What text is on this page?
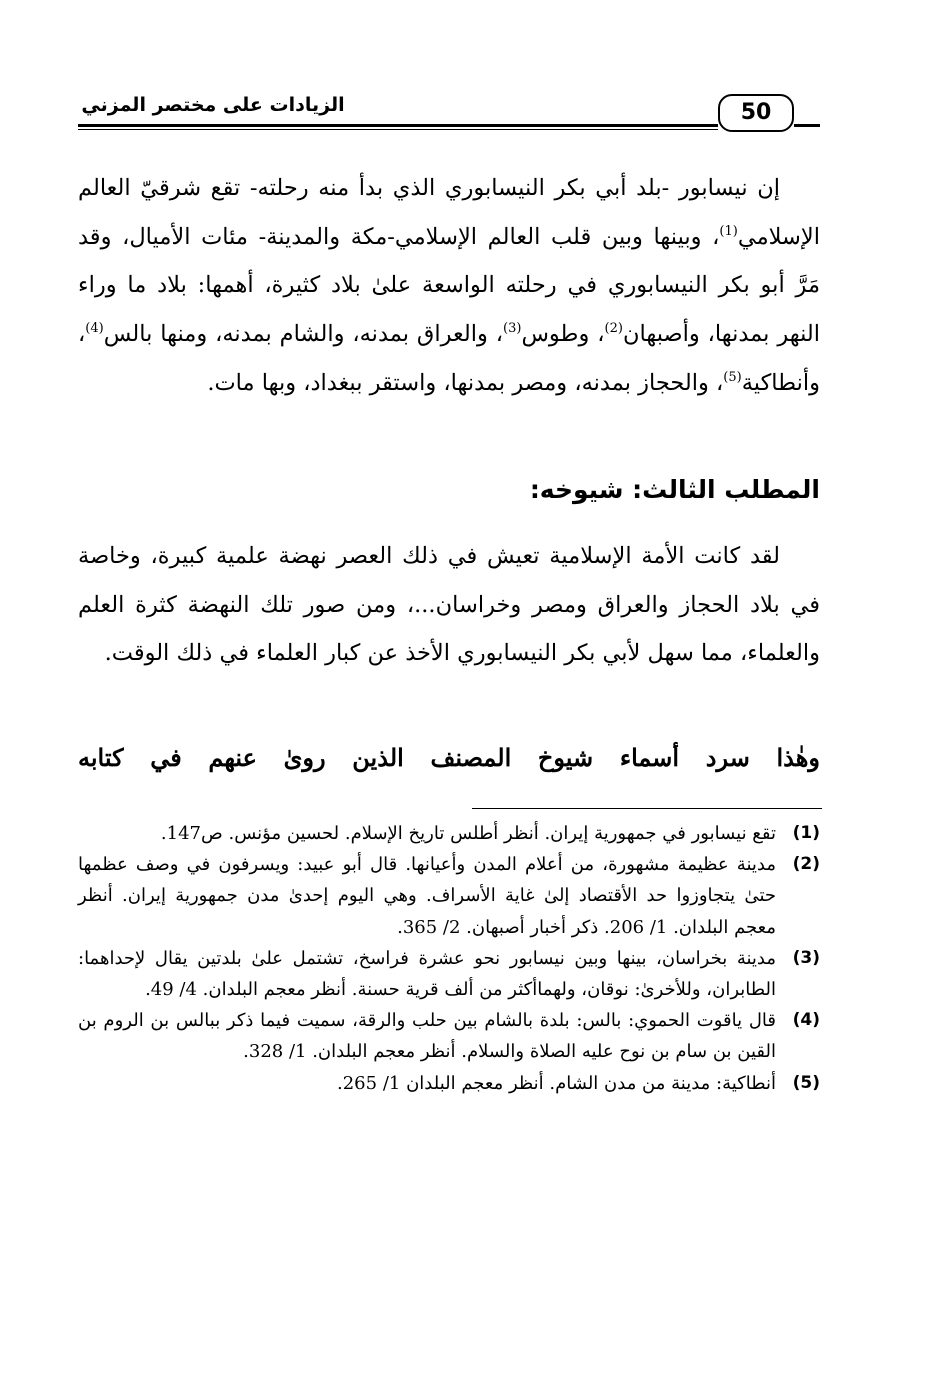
الزيادات على مختصر المزني	50
إن نيسابور -بلد أبي بكر النيسابوري الذي بدأ منه رحلته- تقع شرقيّ العالم الإسلامي$^{(1)}$، وبينها وبين قلب العالم الإسلامي-مكة والمدينة- مئات الأميال، وقد مَرَّ أبو بكر النيسابوري في رحلته الواسعة علىٰ بلاد كثيرة، أهمها: بلاد ما وراء النهر بمدنها، وأصبهان$^{(2)}$، وطوس$^{(3)}$، والعراق بمدنه، والشام بمدنه، ومنها بالس$^{(4)}$، وأنطاكية$^{(5)}$، والحجاز بمدنه، ومصر بمدنها، واستقر ببغداد، وبها مات.
المطلب الثالث: شيوخه:
لقد كانت الأمة الإسلامية تعيش في ذلك العصر نهضة علمية كبيرة، وخاصة في بلاد الحجاز والعراق ومصر وخراسان...، ومن صور تلك النهضة كثرة العلم والعلماء، مما سهل لأبي بكر النيسابوري الأخذ عن كبار العلماء في ذلك الوقت.
وهٰذا سرد أسماء شيوخ المصنف الذين روىٰ عنهم في كتابه
(1)
تقع نيسابور في جمهورية إيران. أنظر أطلس تاريخ الإسلام. لحسين مؤنس. ص147.
(2)
مدينة عظيمة مشهورة، من أعلام المدن وأعيانها. قال أبو عبيد: ويسرفون في وصف عظمها حتىٰ يتجاوزوا حد الأقتصاد إلىٰ غاية الأسراف. وهي اليوم إحدىٰ مدن جمهورية إيران. أنظر معجم البلدان. 1/ 206. ذكر أخبار أصبهان. 2/ 365.
(3)
مدينة بخراسان، بينها وبين نيسابور نحو عشرة فراسخ، تشتمل علىٰ بلدتين يقال لإحداهما: الطابران، وللأخرىٰ: نوقان، ولهماأكثر من ألف قرية حسنة. أنظر معجم البلدان. 4/ 49.
(4)
قال ياقوت الحموي: بالس: بلدة بالشام بين حلب والرقة، سميت فيما ذكر ببالس بن الروم بن القين بن سام بن نوح عليه الصلاة والسلام. أنظر معجم البلدان. 1/ 328.
(5)
أنطاكية: مدينة من مدن الشام. أنظر معجم البلدان 1/ 265.
